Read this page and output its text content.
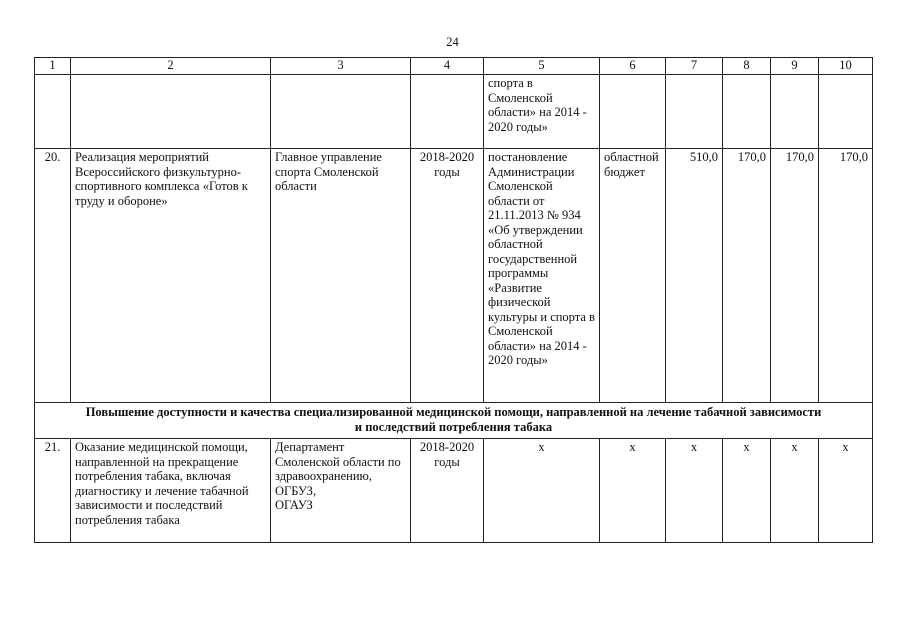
24
1	2	3	4	5	6	7	8	9	10
				спорта в Смоленской области» на 2014 - 2020 годы»					
20.	Реализация мероприятий Всероссийского физкультурно-спортивного комплекса «Готов к труду и обороне»	Главное управление спорта Смоленской области	2018-2020 годы	постановление Администрации Смоленской области от 21.11.2013 № 934 «Об утверждении областной государственной программы «Развитие физической культуры и спорта в Смоленской области» на 2014 - 2020 годы»	областной бюджет	510,0	170,0	170,0	170,0

Повышение доступности и качества специализированной медицинской помощи, направленной на лечение табачной зависимости
и последствий потребления табака									

21.	Оказание медицинской помощи, направленной на прекращение потребления табака, включая диагностику и лечение табачной зависимости и последствий потребления табака	Департамент Смоленской области по здравоохранению,
ОГБУЗ,
ОГАУЗ	2018-2020 годы	х	х	х	х	х	х
